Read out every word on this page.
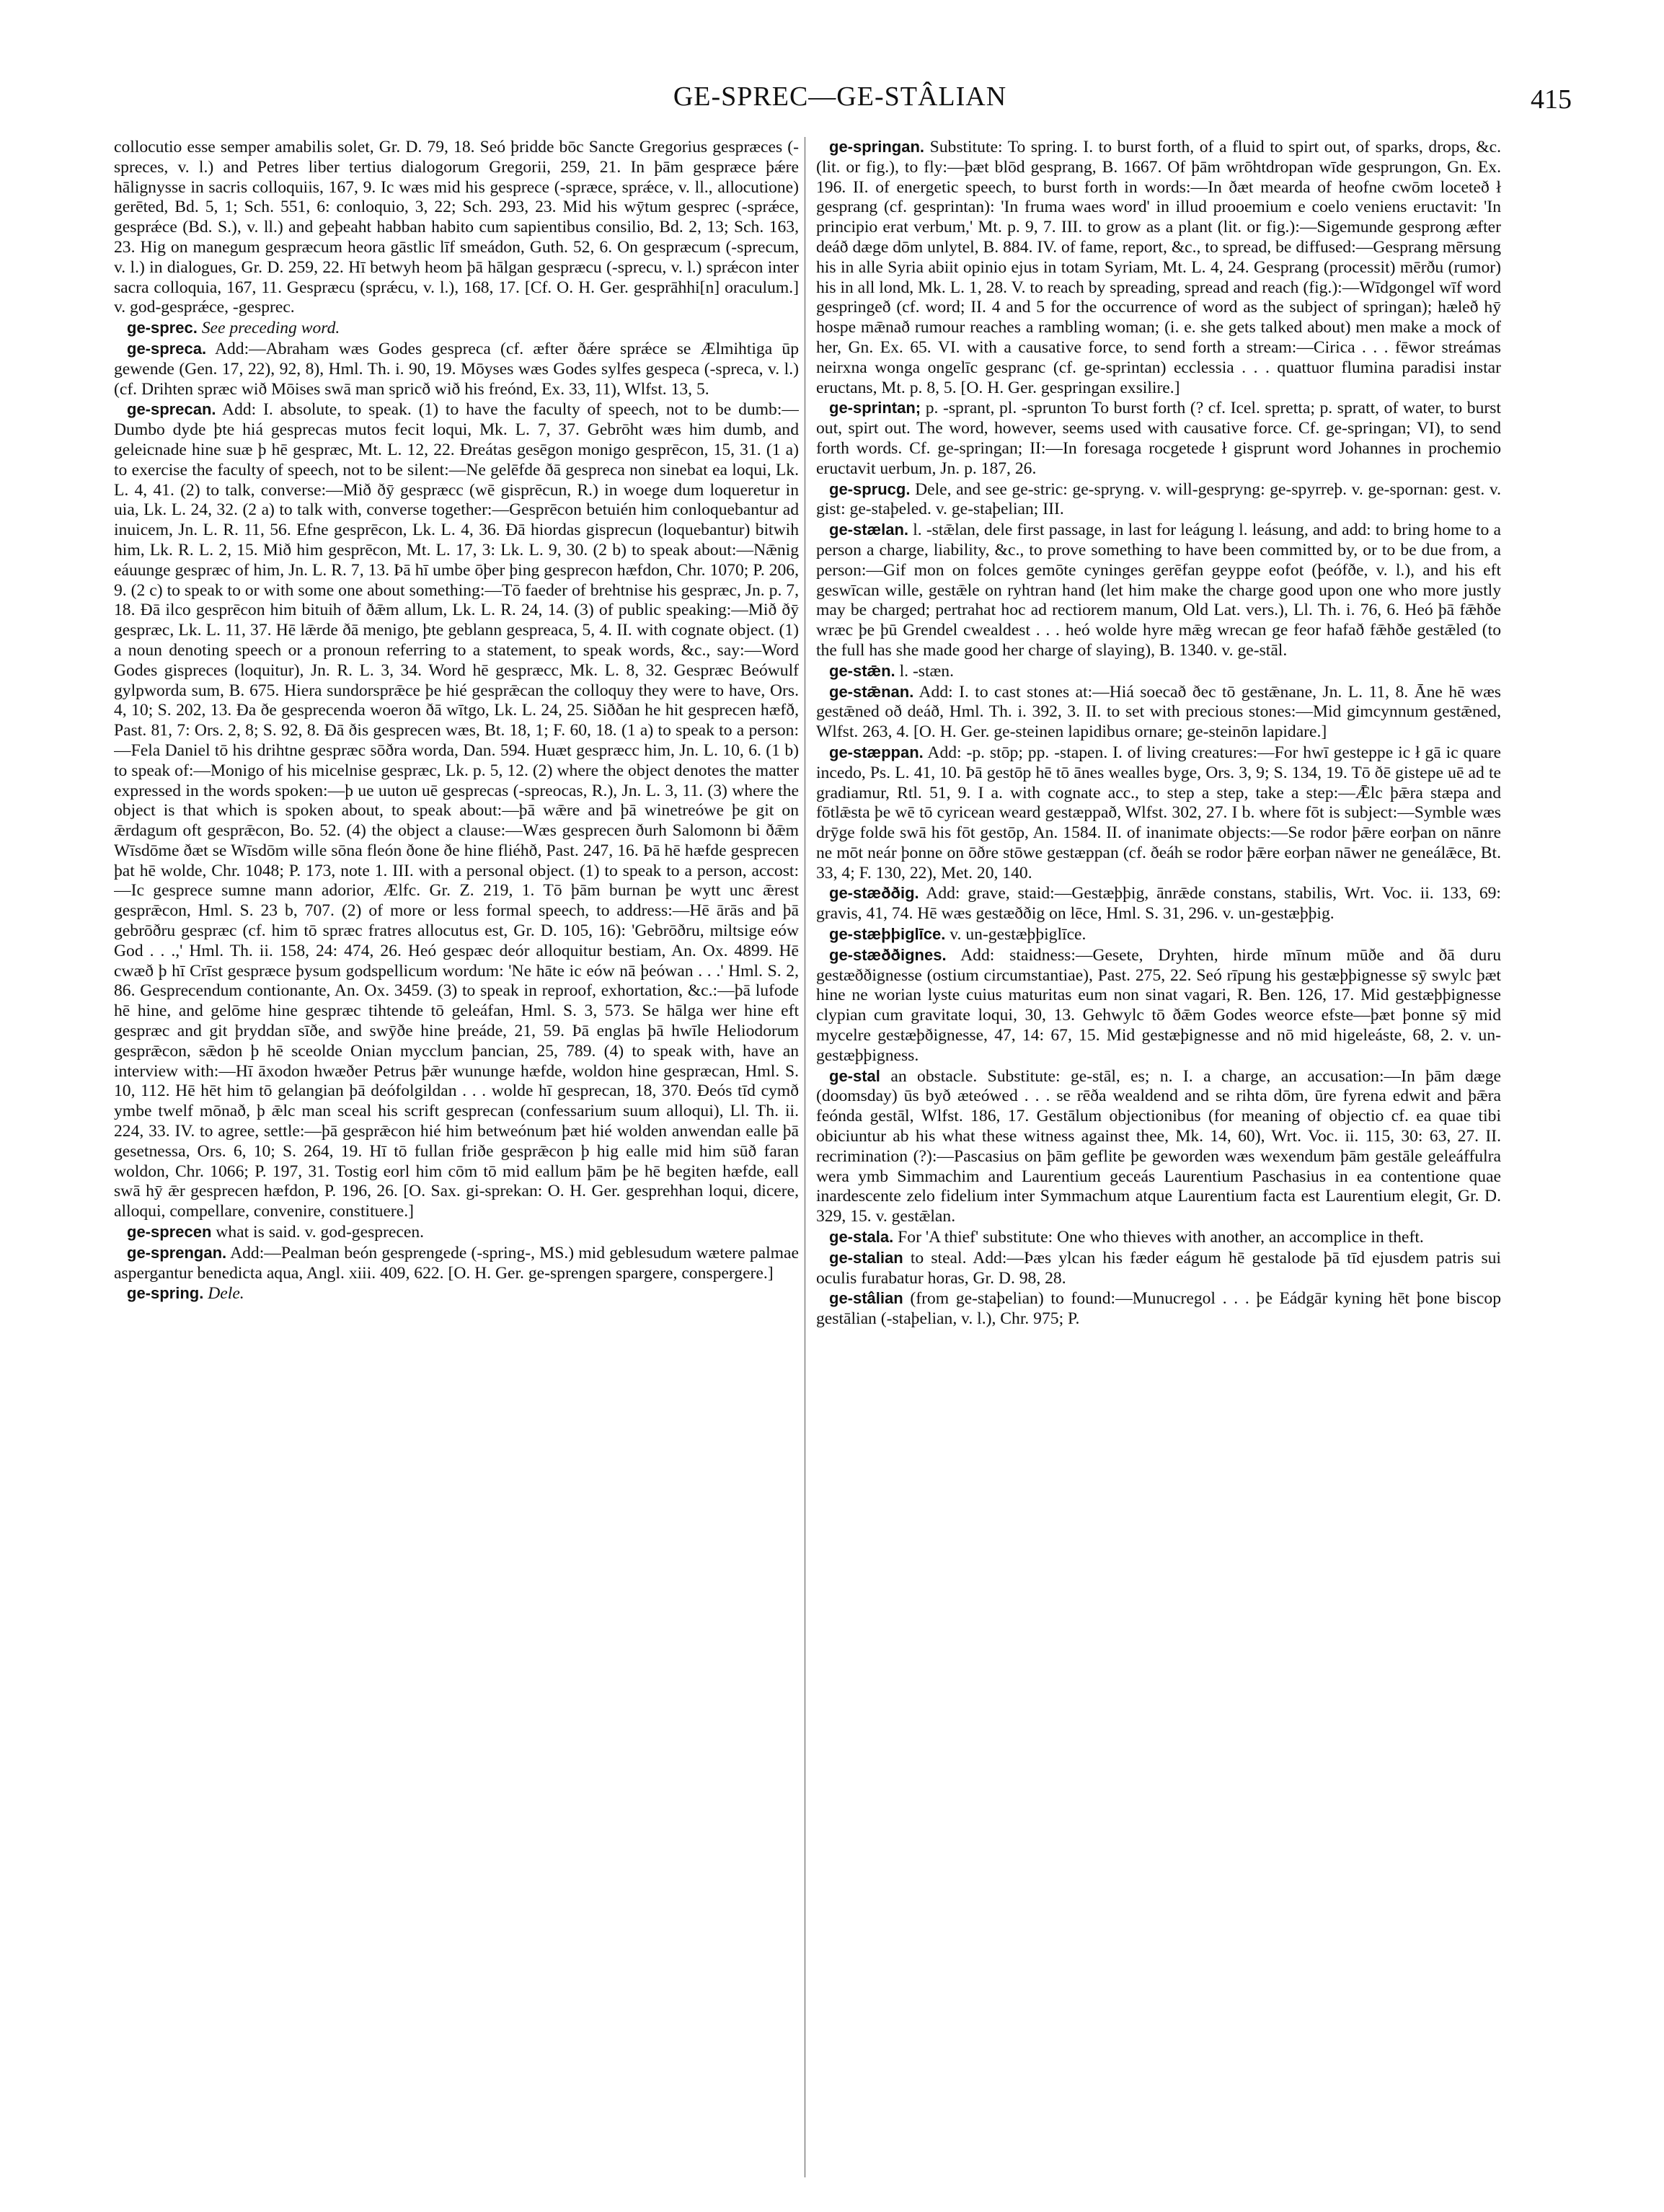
GE-SPREC—GE-STÂLIAN	415

collocutio esse semper amabilis solet, Gr. D. 79, 18. Seó þridde bōc Sancte Gregorius gespræces (-spreces, v. l.) and Petres liber tertius dialogorum Gregorii, 259, 21. In þām gespræce þǽre hālignysse in sacris colloquiis, 167, 9. Ic wæs mid his gesprece (-spræce, sprǽce, v. ll., allocutione) gerēted, Bd. 5, 1; Sch. 551, 6: conloquio, 3, 22; Sch. 293, 23. Mid his wȳtum gesprec (-sprǽce, gesprǽce (Bd. S.), v. ll.) and geþeaht habban habito cum sapientibus consilio, Bd. 2, 13; Sch. 163, 23. Hig on manegum gespræcum heora gāstlic līf smeádon, Guth. 52, 6. On gespræcum (-sprecum, v. l.) in dialogues, Gr. D. 259, 22. Hī betwyh heom þā hālgan gespræcu (-sprecu, v. l.) sprǽcon inter sacra colloquia, 167, 11. Gespræcu (sprǽcu, v. l.), 168, 17. [Cf. O. H. Ger. gesprāhhi[n] oraculum.] v. god-gesprǽce, -gesprec.

ge-sprec. See preceding word.

ge-spreca. Add:—Abraham wæs Godes gespreca (cf. æfter ðǽre sprǽce se Ælmihtiga ūp gewende (Gen. 17, 22), 92, 8), Hml. Th. i. 90, 19. Mōyses wæs Godes sylfes gespeca (-spreca, v. l.) (cf. Drihten spræc wið Mōises swā man spricð wið his freónd, Ex. 33, 11), Wlfst. 13, 5.

ge-sprecan. Add: I. absolute, to speak. (1) to have the faculty of speech, not to be dumb:—Dumbo dyde þte hiá gesprecas mutos fecit loqui, Mk. L. 7, 37. Gebrōht wæs him dumb, and geleicnade hine suæ þ hē gespræc, Mt. L. 12, 22. Ðreátas gesēgon monigo gesprēcon, 15, 31. (1 a) to exercise the faculty of speech, not to be silent:—Ne gelēfde ðā gespreca non sinebat ea loqui, Lk. L. 4, 41. (2) to talk, converse:—Mið ðȳ gespræcc (wē gisprēcun, R.) in woege dum loqueretur in uia, Lk. L. 24, 32. (2 a) to talk with, converse together:—Gesprēcon betuién him conloquebantur ad inuicem, Jn. L. R. 11, 56. Efne gesprēcon, Lk. L. 4, 36. Ðā hiordas gisprecun (loquebantur) bitwih him, Lk. R. L. 2, 15. Mið him gesprēcon, Mt. L. 17, 3: Lk. L. 9, 30. (2 b) to speak about:—Nǣnig eáuunge gespræc of him, Jn. L. R. 7, 13. Þā hī umbe ōþer þing gesprecon hæfdon, Chr. 1070; P. 206, 9. (2 c) to speak to or with some one about something:—Tō faeder of brehtnise his gespræc, Jn. p. 7, 18. Ðā ilco gesprēcon him bituih of ðǣm allum, Lk. L. R. 24, 14. (3) of public speaking:—Mið ðȳ gespræc, Lk. L. 11, 37. Hē lǣrde ðā menigo, þte geblann gespreaca, 5, 4. II. with cognate object. (1) a noun denoting speech or a pronoun referring to a statement, to speak words, &c., say:—Word Godes gispreces (loquitur), Jn. R. L. 3, 34. Word hē gespræcc, Mk. L. 8, 32. Gespræc Beówulf gylpworda sum, B. 675. Hiera sundorsprǣce þe hié gesprǣcan the colloquy they were to have, Ors. 4, 10; S. 202, 13. Ða ðe gesprecenda woeron ðā wītgo, Lk. L. 24, 25. Siððan he hit gesprecen hæfð, Past. 81, 7: Ors. 2, 8; S. 92, 8. Ðā ðis gesprecen wæs, Bt. 18, 1; F. 60, 18. (1 a) to speak to a person:—Fela Daniel tō his drihtne gespræc sōðra worda, Dan. 594. Huæt gespræcc him, Jn. L. 10, 6. (1 b) to speak of:—Monigo of his micelnise gespræc, Lk. p. 5, 12. (2) where the object denotes the matter expressed in the words spoken:—þ ue uuton uē gesprecas (-spreocas, R.), Jn. L. 3, 11. (3) where the object is that which is spoken about, to speak about:—þā wǣre and þā winetreówe þe git on ǣrdagum oft gesprǣcon, Bo. 52. (4) the object a clause:—Wæs gesprecen ðurh Salomonn bi ðǣm Wīsdōme ðæt se Wīsdōm wille sōna fleón ðone ðe hine fliéhð, Past. 247, 16. Þā hē hæfde gesprecen þat hē wolde, Chr. 1048; P. 173, note 1. III. with a personal object. (1) to speak to a person, accost:—Ic gesprece sumne mann adorior, Ælfc. Gr. Z. 219, 1. Tō þām burnan þe wytt unc ǣrest gesprǣcon, Hml. S. 23 b, 707. (2) of more or less formal speech, to address:—Hē ārās and þā gebrōðru gespræc (cf. him tō spræc fratres allocutus est, Gr. D. 105, 16): 'Gebrōðru, miltsige eów God . . .,' Hml. Th. ii. 158, 24: 474, 26. Heó gespæc deór alloquitur bestiam, An. Ox. 4899. Hē cwæð þ hī Crīst gespræce þysum godspellicum wordum: 'Ne hāte ic eów nā þeówan . . .' Hml. S. 2, 86. Gesprecendum contionante, An. Ox. 3459. (3) to speak in reproof, exhortation, &c.:—þā lufode hē hine, and gelōme hine gespræc tihtende tō geleáfan, Hml. S. 3, 573. Se hālga wer hine eft gespræc and git þryddan sīðe, and swȳðe hine þreáde, 21, 59. Þā englas þā hwīle Heliodorum gesprǣcon, sǣdon þ hē sceolde Onian mycclum þancian, 25, 789. (4) to speak with, have an interview with:—Hī āxodon hwæðer Petrus þǣr wununge hæfde, woldon hine gespræcan, Hml. S. 10, 112. Hē hēt him tō gelangian þā deófolgildan . . . wolde hī gesprecan, 18, 370. Ðeós tīd cymð ymbe twelf mōnað, þ ǣlc man sceal his scrift gesprecan (confessarium suum alloqui), Ll. Th. ii. 224, 33. IV. to agree, settle:—þā gesprǣcon hié him betweónum þæt hié wolden anwendan ealle þā gesetnessa, Ors. 6, 10; S. 264, 19. Hī tō fullan friðe gesprǣcon þ hig ealle mid him sūð faran woldon, Chr. 1066; P. 197, 31. Tostig eorl him cōm tō mid eallum þām þe hē begiten hæfde, eall swā hȳ ǣr gesprecen hæfdon, P. 196, 26. [O. Sax. gi-sprekan: O. H. Ger. gesprehhan loqui, dicere, alloqui, compellare, convenire, constituere.]

ge-sprecen what is said. v. god-gesprecen.

ge-sprengan. Add:—Pealman beón gesprengede (-spring-, MS.) mid geblesudum wætere palmae aspergantur benedicta aqua, Angl. xiii. 409, 622. [O. H. Ger. ge-sprengen spargere, conspergere.]

ge-spring. Dele.

ge-springan. Substitute: To spring. I. to burst forth, of a fluid to spirt out, of sparks, drops, &c. (lit. or fig.), to fly:—þæt blōd gesprang, B. 1667. Of þām wrōhtdropan wīde gesprungon, Gn. Ex. 196. II. of energetic speech, to burst forth in words:—In ðæt mearda of heofne cwōm loceteð ł gesprang (cf. gesprintan): 'In fruma waes word' in illud prooemium e coelo veniens eructavit: 'In principio erat verbum,' Mt. p. 9, 7. III. to grow as a plant (lit. or fig.):—Sigemunde gesprong æfter deáð dæge dōm unlytel, B. 884. IV. of fame, report, &c., to spread, be diffused:—Gesprang mērsung his in alle Syria abiit opinio ejus in totam Syriam, Mt. L. 4, 24. Gesprang (processit) mērðu (rumor) his in all lond, Mk. L. 1, 28. V. to reach by spreading, spread and reach (fig.):—Wīdgongel wīf word gespringeð (cf. word; II. 4 and 5 for the occurrence of word as the subject of springan); hæleð hȳ hospe mǣnað rumour reaches a rambling woman; (i. e. she gets talked about) men make a mock of her, Gn. Ex. 65. VI. with a causative force, to send forth a stream:—Cirica . . . fēwor streámas neirxna wonga ongelīc gespranc (cf. ge-sprintan) ecclessia . . . quattuor flumina paradisi instar eructans, Mt. p. 8, 5. [O. H. Ger. gespringan exsilire.]

ge-sprintan; p. -sprant, pl. -sprunton To burst forth (? cf. Icel. spretta; p. spratt, of water, to burst out, spirt out. The word, however, seems used with causative force. Cf. ge-springan; VI), to send forth words. Cf. ge-springan; II:—In foresaga rocgetede ł gisprunt word Johannes in prochemio eructavit uerbum, Jn. p. 187, 26.

ge-sprucg. Dele, and see ge-stric: ge-spryng. v. will-gespryng: ge-spyrreþ. v. ge-spornan: gest. v. gist: ge-staþeled. v. ge-staþelian; III.

ge-stælan. l. -stǣlan, dele first passage, in last for leágung l. leásung, and add: to bring home to a person a charge, liability, &c., to prove something to have been committed by, or to be due from, a person:—Gif mon on folces gemōte cyninges gerēfan geyppe eofot (þeófðe, v. l.), and his eft geswīcan wille, gestǣle on ryhtran hand (let him make the charge good upon one who more justly may be charged; pertrahat hoc ad rectiorem manum, Old Lat. vers.), Ll. Th. i. 76, 6. Heó þā fǣhðe wræc þe þū Grendel cwealdest . . . heó wolde hyre mǣg wrecan ge feor hafað fǣhðe gestǣled (to the full has she made good her charge of slaying), B. 1340. v. ge-stāl.

ge-stǣn. l. -stæn.

ge-stǣnan. Add: I. to cast stones at:—Hiá soecað ðec tō gestǣnane, Jn. L. 11, 8. Āne hē wæs gestǣned oð deáð, Hml. Th. i. 392, 3. II. to set with precious stones:—Mid gimcynnum gestǣned, Wlfst. 263, 4. [O. H. Ger. ge-steinen lapidibus ornare; ge-steinōn lapidare.]

ge-stæppan. Add: -p. stōp; pp. -stapen. I. of living creatures:—For hwī gesteppe ic ł gā ic quare incedo, Ps. L. 41, 10. Þā gestōp hē tō ānes wealles byge, Ors. 3, 9; S. 134, 19. Tō ðē gistepe uē ad te gradiamur, Rtl. 51, 9. I a. with cognate acc., to step a step, take a step:—Ǣlc þǣra stæpa and fōtlǣsta þe wē tō cyricean weard gestæppað, Wlfst. 302, 27. I b. where fōt is subject:—Symble wæs drȳge folde swā his fōt gestōp, An. 1584. II. of inanimate objects:—Se rodor þǣre eorþan on nānre ne mōt neár þonne on ōðre stōwe gestæppan (cf. ðeáh se rodor þǣre eorþan nāwer ne geneálǣce, Bt. 33, 4; F. 130, 22), Met. 20, 140.

ge-stæððig. Add: grave, staid:—Gestæþþig, ānrǣde constans, stabilis, Wrt. Voc. ii. 133, 69: gravis, 41, 74. Hē wæs gestæððig on lēce, Hml. S. 31, 296. v. un-gestæþþig.

ge-stæþþiglīce. v. un-gestæþþiglīce.

ge-stæððignes. Add: staidness:—Gesete, Dryhten, hirde mīnum mūðe and ðā duru gestæððignesse (ostium circumstantiae), Past. 275, 22. Seó rīpung his gestæþþignesse sȳ swylc þæt hine ne worian lyste cuius maturitas eum non sinat vagari, R. Ben. 126, 17. Mid gestæþþignesse clypian cum gravitate loqui, 30, 13. Gehwylc tō ðǣm Godes weorce efste—þæt þonne sȳ mid mycelre gestæþðignesse, 47, 14: 67, 15. Mid gestæþignesse and nō mid higeleáste, 68, 2. v. un-gestæþþigness.

ge-stal an obstacle. Substitute: ge-stāl, es; n. I. a charge, an accusation:—In þām dæge (doomsday) ūs byð æteówed . . . se rēða wealdend and se rihta dōm, ūre fyrena edwit and þǣra feónda gestāl, Wlfst. 186, 17. Gestālum objectionibus (for meaning of objectio cf. ea quae tibi obiciuntur ab his what these witness against thee, Mk. 14, 60), Wrt. Voc. ii. 115, 30: 63, 27. II. recrimination (?):—Pascasius on þām geflite þe geworden wæs wexendum þām gestāle geleáffulra wera ymb Simmachim and Laurentium geceás Laurentium Paschasius in ea contentione quae inardescente zelo fidelium inter Symmachum atque Laurentium facta est Laurentium elegit, Gr. D. 329, 15. v. gestǣlan.

ge-stala. For 'A thief' substitute: One who thieves with another, an accomplice in theft.

ge-stalian to steal. Add:—Þæs ylcan his fæder eágum hē gestalode þā tīd ejusdem patris sui oculis furabatur horas, Gr. D. 98, 28.

ge-stâlian (from ge-staþelian) to found:—Munucregol . . . þe Eádgār kyning hēt þone biscop gestālian (-staþelian, v. l.), Chr. 975; P.
